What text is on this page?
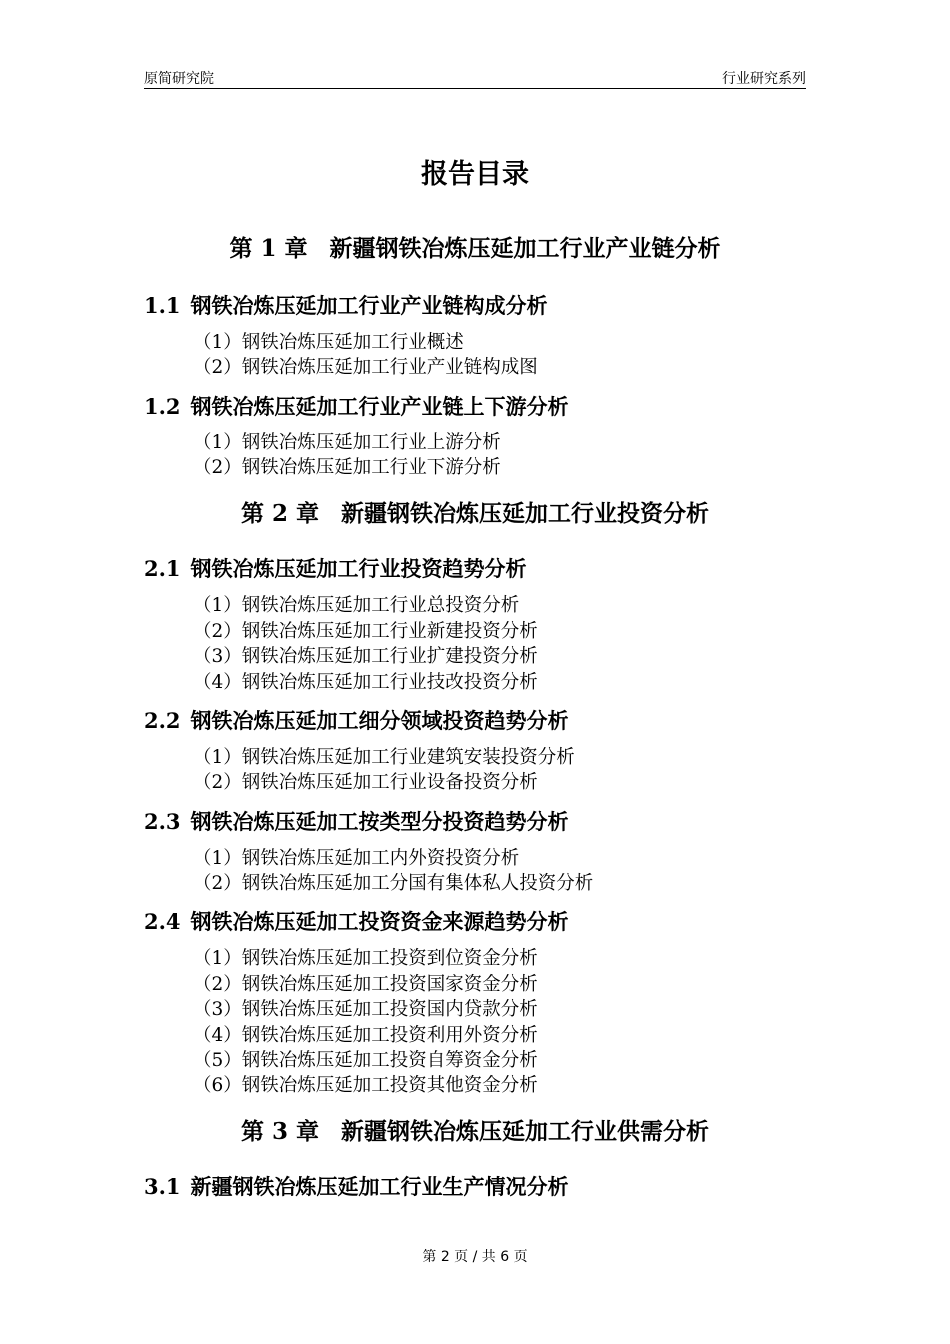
原简研究院	行业研究系列
报告目录
第 1 章 新疆钢铁冶炼压延加工行业产业链分析
1.1 钢铁冶炼压延加工行业产业链构成分析
（1）钢铁冶炼压延加工行业概述
（2）钢铁冶炼压延加工行业产业链构成图
1.2 钢铁冶炼压延加工行业产业链上下游分析
（1）钢铁冶炼压延加工行业上游分析
（2）钢铁冶炼压延加工行业下游分析
第 2 章 新疆钢铁冶炼压延加工行业投资分析
2.1 钢铁冶炼压延加工行业投资趋势分析
（1）钢铁冶炼压延加工行业总投资分析
（2）钢铁冶炼压延加工行业新建投资分析
（3）钢铁冶炼压延加工行业扩建投资分析
（4）钢铁冶炼压延加工行业技改投资分析
2.2 钢铁冶炼压延加工细分领域投资趋势分析
（1）钢铁冶炼压延加工行业建筑安装投资分析
（2）钢铁冶炼压延加工行业设备投资分析
2.3 钢铁冶炼压延加工按类型分投资趋势分析
（1）钢铁冶炼压延加工内外资投资分析
（2）钢铁冶炼压延加工分国有集体私人投资分析
2.4 钢铁冶炼压延加工投资资金来源趋势分析
（1）钢铁冶炼压延加工投资到位资金分析
（2）钢铁冶炼压延加工投资国家资金分析
（3）钢铁冶炼压延加工投资国内贷款分析
（4）钢铁冶炼压延加工投资利用外资分析
（5）钢铁冶炼压延加工投资自筹资金分析
（6）钢铁冶炼压延加工投资其他资金分析
第 3 章 新疆钢铁冶炼压延加工行业供需分析
3.1 新疆钢铁冶炼压延加工行业生产情况分析
第 2 页 / 共 6 页
